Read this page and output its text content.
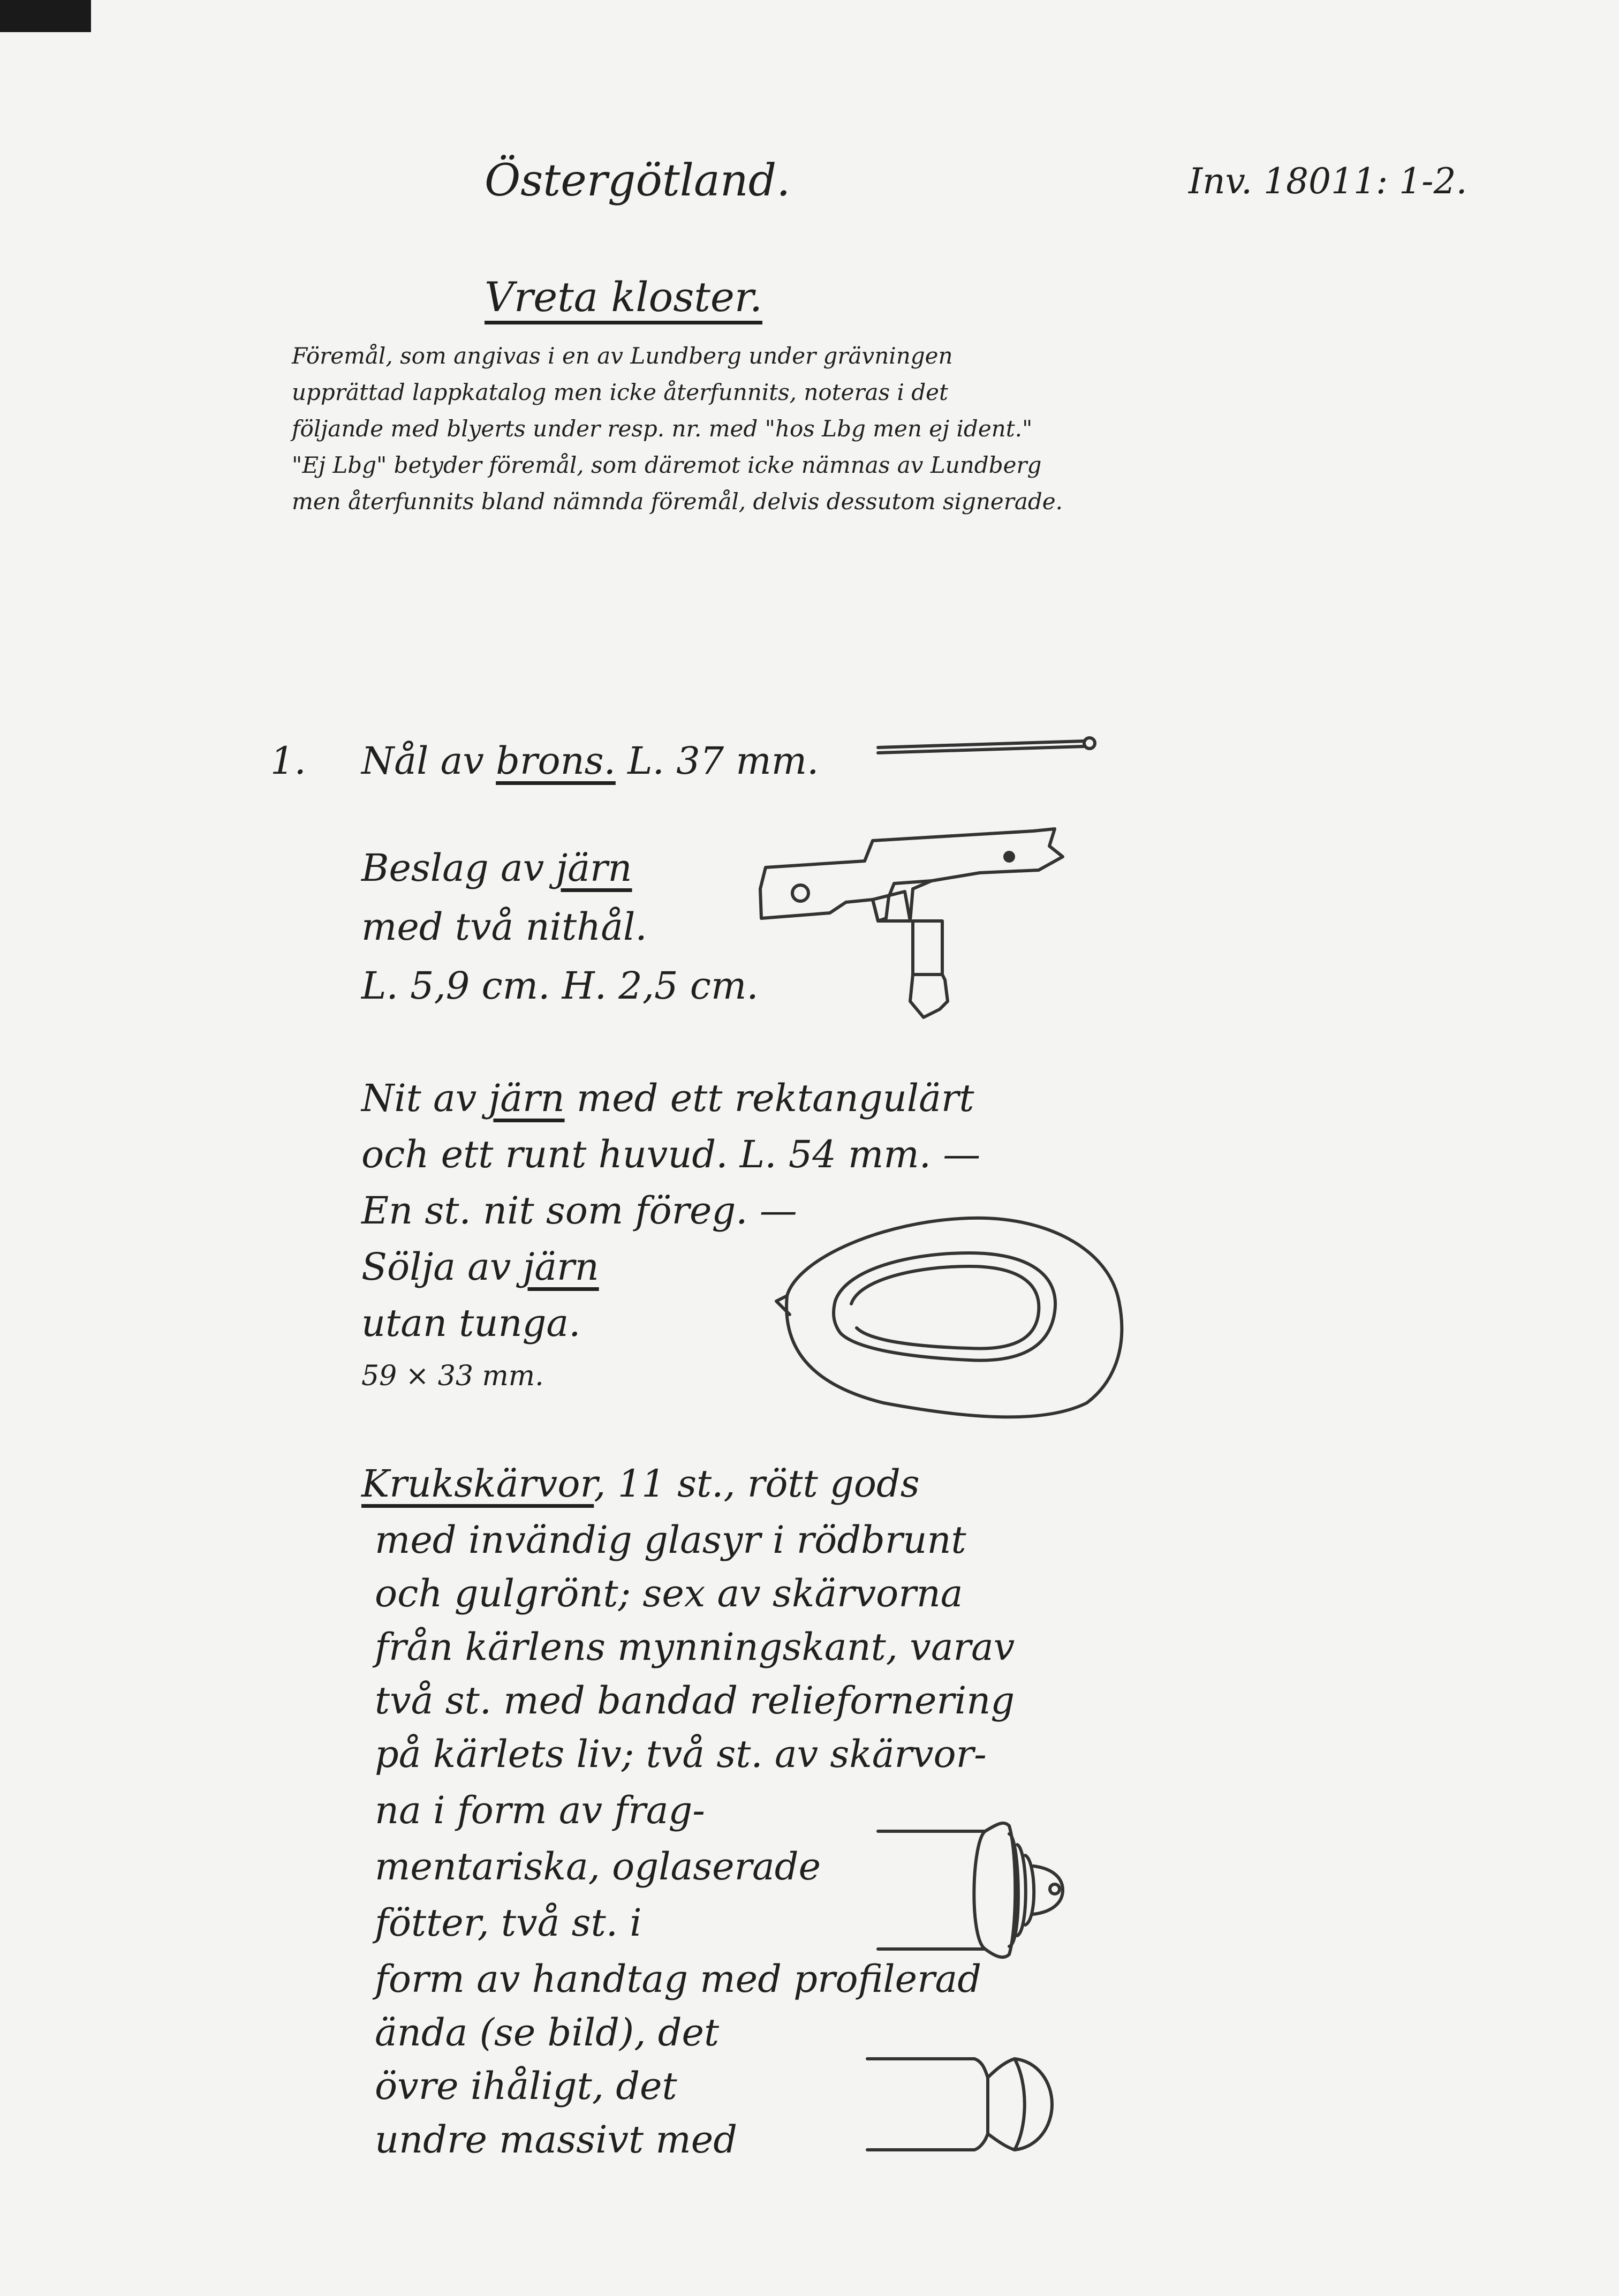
Östergötland.	Inv. 18011: 1-2.
Vreta kloster.
Föremål, som angivas i en av Lundberg under grävningen
upprättad lappkatalog men icke återfunnits, noteras i det
följande med blyerts under resp. nr. med "hos Lbg men ej ident."
"Ej Lbg" betyder föremål, som däremot icke nämnas av Lundberg
men återfunnits bland nämnda föremål, delvis dessutom signerade.
1. Nål av brons. L. 37 mm.
Beslag av järn
med två nithål.
L. 5,9 cm. H. 2,5 cm.
Nit av järn med ett rektangulärt
och ett runt huvud. L. 54 mm. —
En st. nit som föreg. —
Sölja av järn
utan tunga.
59 × 33 mm.
Krukskärvor, 11 st., rött gods
med invändig glasyr i rödbrunt
och gulgrönt; sex av skärvorna
från kärlens mynningskant, varav
två st. med bandad reliefornering
på kärlets liv; två st. av skärvor-
na i form av frag-
mentariska, oglaserade
fötter, två st. i
form av handtag med profilerad
ända (se bild), det
övre ihåligt, det
undre massivt med
